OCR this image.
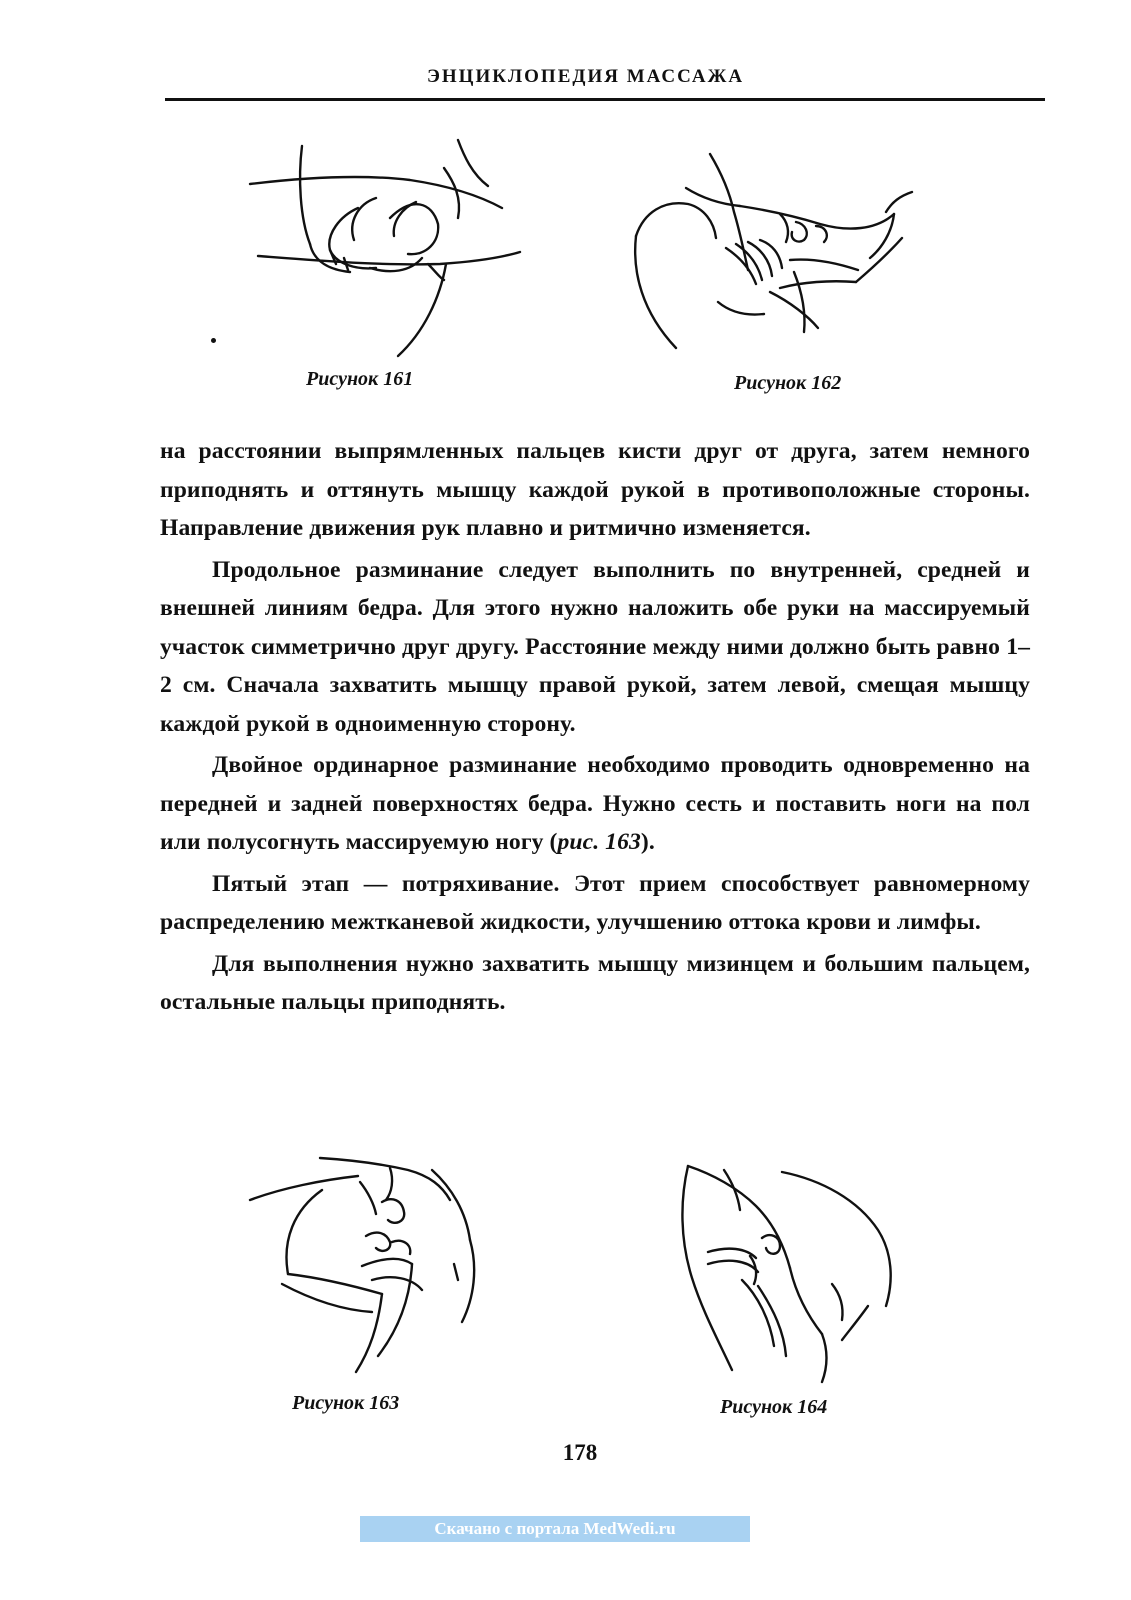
ЭНЦИКЛОПЕДИЯ МАССАЖА
Рисунок 161	Рисунок 162

на расстоянии выпрямленных пальцев кисти друг от друга, затем немного приподнять и оттянуть мышцу каждой рукой в противоположные стороны. Направление движения рук плавно и ритмично изменяется.

Продольное разминание следует выполнить по внутренней, средней и внешней линиям бедра. Для этого нужно наложить обе руки на массируемый участок симметрично друг другу. Расстояние между ними должно быть равно 1–2 см. Сначала захватить мышцу правой рукой, затем левой, смещая мышцу каждой рукой в одноименную сторону.

Двойное ординарное разминание необходимо проводить одновременно на передней и задней поверхностях бедра. Нужно сесть и поставить ноги на пол или полусогнуть массируемую ногу (рис. 163).

Пятый этап — потряхивание. Этот прием способствует равномерному распределению межтканевой жидкости, улучшению оттока крови и лимфы.

Для выполнения нужно захватить мышцу мизинцем и большим пальцем, остальные пальцы приподнять.

Рисунок 163	Рисунок 164
178
Скачано с портала MedWedi.ru
